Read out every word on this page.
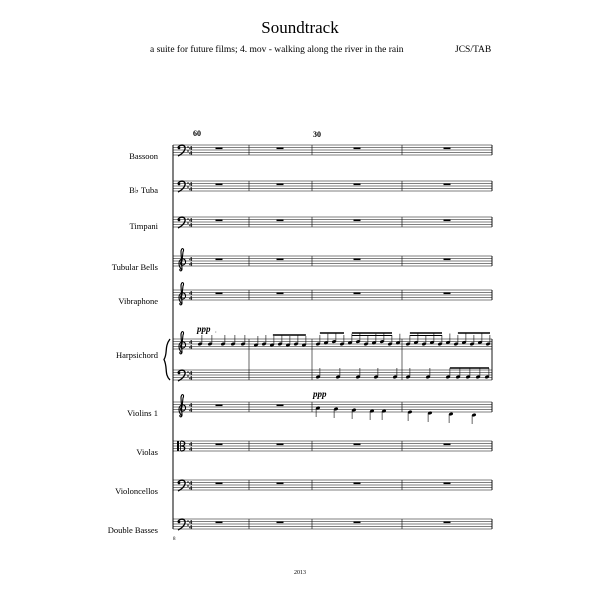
Soundtrack
a suite for future films; 4. mov - walking along the river in the rain	JCS/TAB
60	30
Bassoon
B♭ Tuba
Timpani
Tubular Bells
Vibraphone
Harpsichord
Violins 1
Violas
Violoncellos
Double Basses
4
4
4
4
4
4
4
4
4
4
4
4
4
4
4
4
4
4
4
4
4
4
’
ppp
ppp
8
2013
